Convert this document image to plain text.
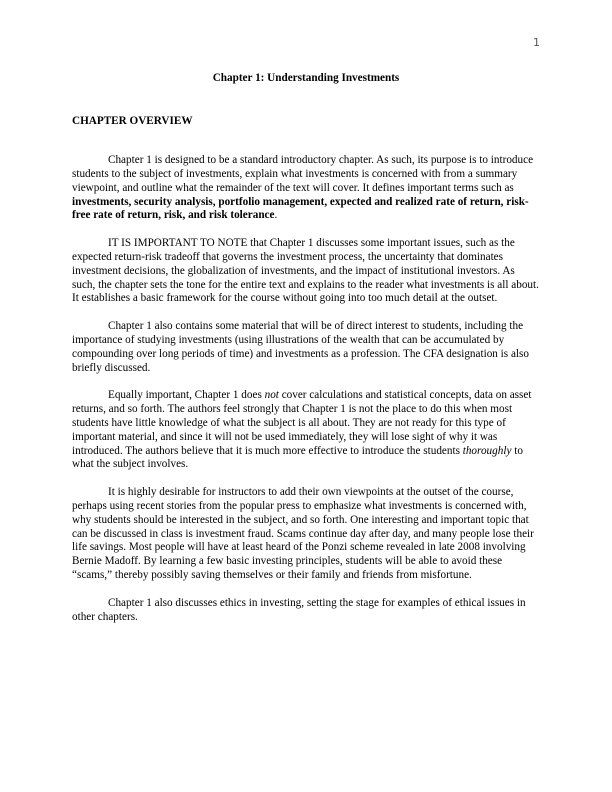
1
Chapter 1: Understanding Investments
CHAPTER OVERVIEW

Chapter 1 is designed to be a standard introductory chapter. As such, its purpose is to introduce students to the subject of investments, explain what investments is concerned with from a summary viewpoint, and outline what the remainder of the text will cover. It defines important terms such as investments, security analysis, portfolio management, expected and realized rate of return, risk-free rate of return, risk, and risk tolerance.

IT IS IMPORTANT TO NOTE that Chapter 1 discusses some important issues, such as the expected return-risk tradeoff that governs the investment process, the uncertainty that dominates investment decisions, the globalization of investments, and the impact of institutional investors. As such, the chapter sets the tone for the entire text and explains to the reader what investments is all about. It establishes a basic framework for the course without going into too much detail at the outset.

Chapter 1 also contains some material that will be of direct interest to students, including the importance of studying investments (using illustrations of the wealth that can be accumulated by compounding over long periods of time) and investments as a profession. The CFA designation is also briefly discussed.

Equally important, Chapter 1 does not cover calculations and statistical concepts, data on asset returns, and so forth. The authors feel strongly that Chapter 1 is not the place to do this when most students have little knowledge of what the subject is all about. They are not ready for this type of important material, and since it will not be used immediately, they will lose sight of why it was introduced. The authors believe that it is much more effective to introduce the students thoroughly to what the subject involves.

It is highly desirable for instructors to add their own viewpoints at the outset of the course, perhaps using recent stories from the popular press to emphasize what investments is concerned with, why students should be interested in the subject, and so forth. One interesting and important topic that can be discussed in class is investment fraud. Scams continue day after day, and many people lose their life savings. Most people will have at least heard of the Ponzi scheme revealed in late 2008 involving Bernie Madoff. By learning a few basic investing principles, students will be able to avoid these “scams,” thereby possibly saving themselves or their family and friends from misfortune.

Chapter 1 also discusses ethics in investing, setting the stage for examples of ethical issues in other chapters.
